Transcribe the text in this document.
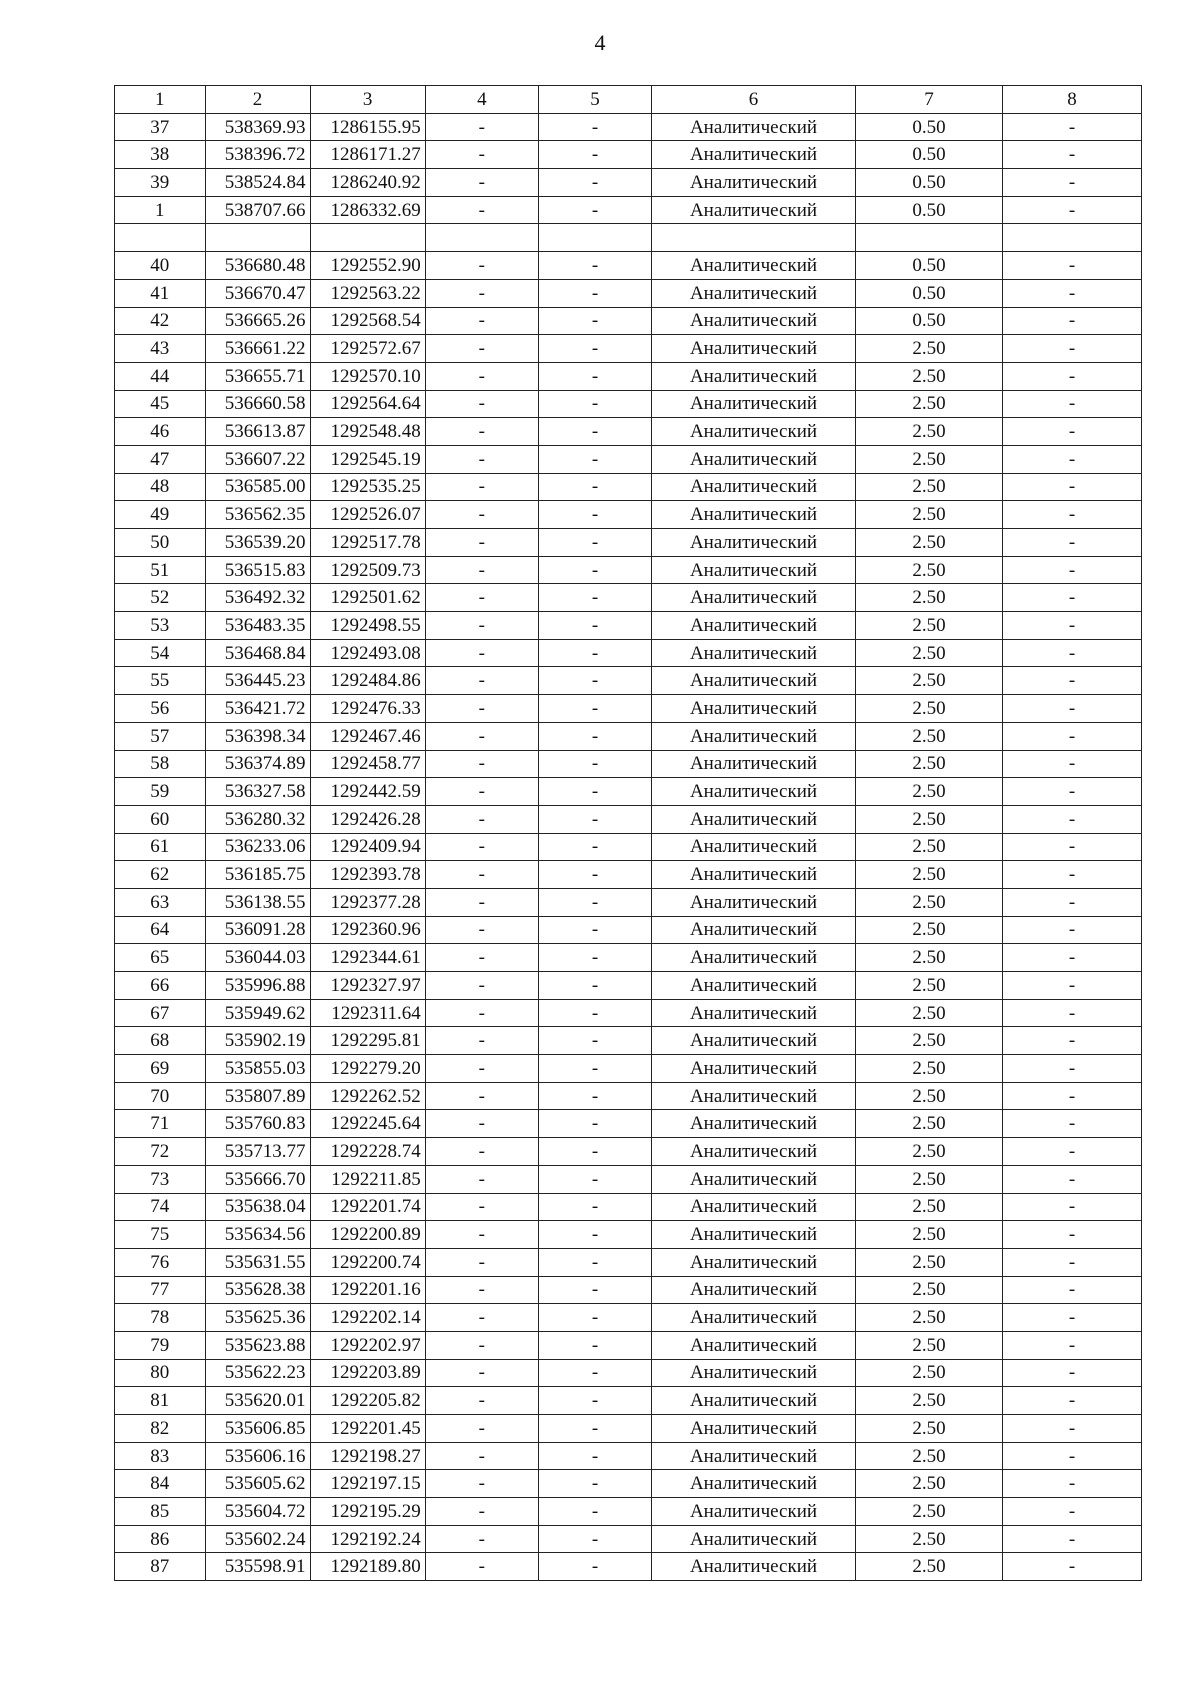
4
1	2	3	4	5	6	7	8
37	538369.93	1286155.95	-	-	Аналитический	0.50	-
38	538396.72	1286171.27	-	-	Аналитический	0.50	-
39	538524.84	1286240.92	-	-	Аналитический	0.50	-
1	538707.66	1286332.69	-	-	Аналитический	0.50	-

40	536680.48	1292552.90	-	-	Аналитический	0.50	-
41	536670.47	1292563.22	-	-	Аналитический	0.50	-
42	536665.26	1292568.54	-	-	Аналитический	0.50	-
43	536661.22	1292572.67	-	-	Аналитический	2.50	-
44	536655.71	1292570.10	-	-	Аналитический	2.50	-
45	536660.58	1292564.64	-	-	Аналитический	2.50	-
46	536613.87	1292548.48	-	-	Аналитический	2.50	-
47	536607.22	1292545.19	-	-	Аналитический	2.50	-
48	536585.00	1292535.25	-	-	Аналитический	2.50	-
49	536562.35	1292526.07	-	-	Аналитический	2.50	-
50	536539.20	1292517.78	-	-	Аналитический	2.50	-
51	536515.83	1292509.73	-	-	Аналитический	2.50	-
52	536492.32	1292501.62	-	-	Аналитический	2.50	-
53	536483.35	1292498.55	-	-	Аналитический	2.50	-
54	536468.84	1292493.08	-	-	Аналитический	2.50	-
55	536445.23	1292484.86	-	-	Аналитический	2.50	-
56	536421.72	1292476.33	-	-	Аналитический	2.50	-
57	536398.34	1292467.46	-	-	Аналитический	2.50	-
58	536374.89	1292458.77	-	-	Аналитический	2.50	-
59	536327.58	1292442.59	-	-	Аналитический	2.50	-
60	536280.32	1292426.28	-	-	Аналитический	2.50	-
61	536233.06	1292409.94	-	-	Аналитический	2.50	-
62	536185.75	1292393.78	-	-	Аналитический	2.50	-
63	536138.55	1292377.28	-	-	Аналитический	2.50	-
64	536091.28	1292360.96	-	-	Аналитический	2.50	-
65	536044.03	1292344.61	-	-	Аналитический	2.50	-
66	535996.88	1292327.97	-	-	Аналитический	2.50	-
67	535949.62	1292311.64	-	-	Аналитический	2.50	-
68	535902.19	1292295.81	-	-	Аналитический	2.50	-
69	535855.03	1292279.20	-	-	Аналитический	2.50	-
70	535807.89	1292262.52	-	-	Аналитический	2.50	-
71	535760.83	1292245.64	-	-	Аналитический	2.50	-
72	535713.77	1292228.74	-	-	Аналитический	2.50	-
73	535666.70	1292211.85	-	-	Аналитический	2.50	-
74	535638.04	1292201.74	-	-	Аналитический	2.50	-
75	535634.56	1292200.89	-	-	Аналитический	2.50	-
76	535631.55	1292200.74	-	-	Аналитический	2.50	-
77	535628.38	1292201.16	-	-	Аналитический	2.50	-
78	535625.36	1292202.14	-	-	Аналитический	2.50	-
79	535623.88	1292202.97	-	-	Аналитический	2.50	-
80	535622.23	1292203.89	-	-	Аналитический	2.50	-
81	535620.01	1292205.82	-	-	Аналитический	2.50	-
82	535606.85	1292201.45	-	-	Аналитический	2.50	-
83	535606.16	1292198.27	-	-	Аналитический	2.50	-
84	535605.62	1292197.15	-	-	Аналитический	2.50	-
85	535604.72	1292195.29	-	-	Аналитический	2.50	-
86	535602.24	1292192.24	-	-	Аналитический	2.50	-
87	535598.91	1292189.80	-	-	Аналитический	2.50	-
